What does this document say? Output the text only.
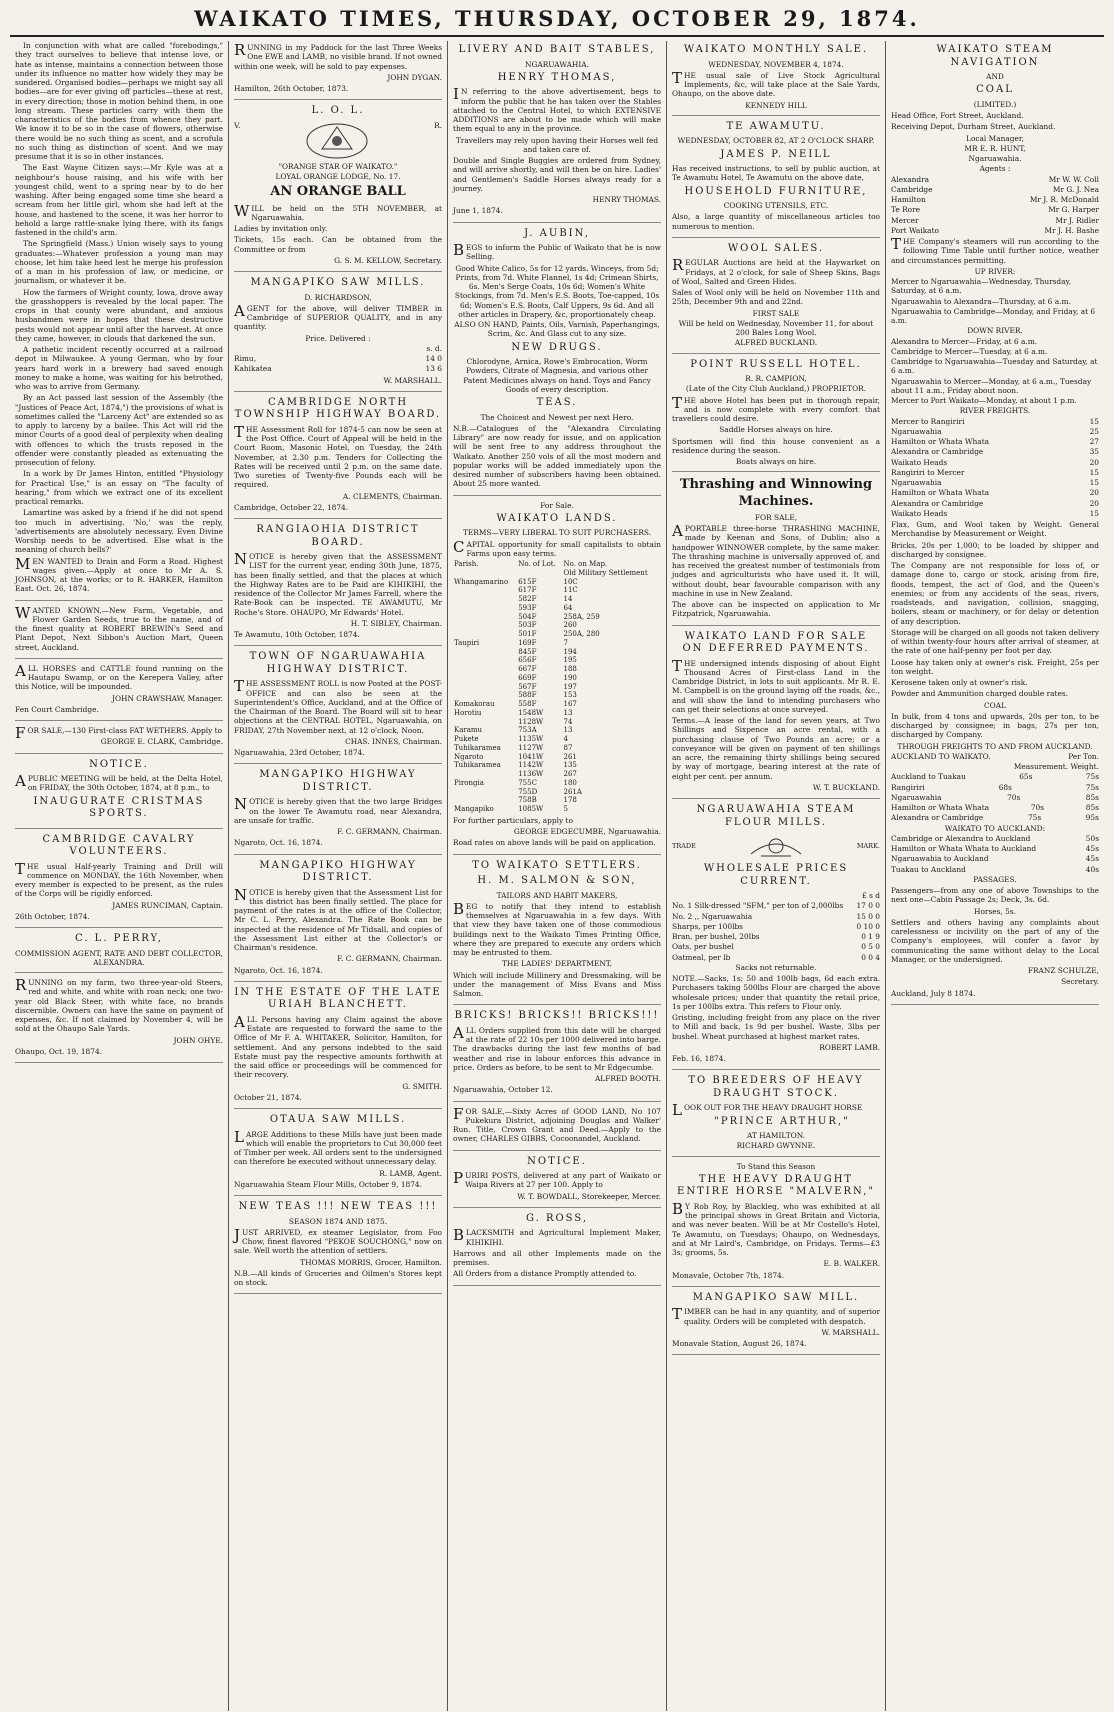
WAIKATO TIMES, THURSDAY, OCTOBER 29, 1874.

In conjunction with what are called "forebodings," they tract ourselves to believe that intense love, or hate as intense, maintains a connection between those under its influence no matter how widely they may be sundered. Organised bodies—perhaps we might say all bodies—are for ever giving off particles—these at rest, in every direction; those in motion behind them, in one long stream. These particles carry with them the characteristics of the bodies from whence they part. We know it to be so in the case of flowers, otherwise there would be no such thing as scent, and a scrofula no such thing as distinction of scent. And we may presume that it is so in other instances.

The East Wayne Citizen says:—Mr Kyle was at a neighbour's house raising, and his wife with her youngest child, went to a spring near by to do her washing. After being engaged some time she heard a scream from her little girl, whom she had left at the house, and hastened to the scene, it was her horror to behold a large rattle-snake lying there, with its fangs fastened in the child's arm.

The Springfield (Mass.) Union wisely says to young graduates:—Whatever profession a young man may choose, let him take heed lest he merge his profession of a man in his profession of law, or medicine, or journalism, or whatever it be.

How the farmers of Wright county, Iowa, drove away the grasshoppers is revealed by the local paper. The crops in that county were abundant, and anxious husbandmen were in hopes that these destructive pests would not appear until after the harvest. At once they came, however, in clouds that darkened the sun.

A pathetic incident recently occurred at a railroad depot in Milwaukee. A young German, who by four years hard work in a brewery had saved enough money to make a home, was waiting for his betrothed, who was to arrive from Germany.

By an Act passed last session of the Assembly (the "Justices of Peace Act, 1874,") the provisions of what is sometimes called the "Larceny Act" are extended so as to apply to larceny by a bailee. This Act will rid the minor Courts of a good deal of perplexity when dealing with offences to which the trusts reposed in the offender were constantly pleaded as extenuating the prosecution of felony.

In a work by Dr James Hinton, entitled "Physiology for Practical Use," is an essay on "The faculty of hearing," from which we extract one of its excellent practical remarks.

Lamartine was asked by a friend if he did not spend too much in advertising. 'No,' was the reply, 'advertisements are absolutely necessary. Even Divine Worship needs to be advertised. Else what is the meaning of church bells?'

MEN WANTED to Drain and Form a Road. Highest wages given.—Apply at once to Mr A. S. JOHNSON, at the works; or to R. HARKER, Hamilton East. Oct. 26, 1874.

WANTED KNOWN,—New Farm, Vegetable, and Flower Garden Seeds, true to the name, and of the finest quality at ROBERT BREWIN's Seed and Plant Depot, Next Sibbon's Auction Mart, Queen street, Auckland.

ALL HORSES and CATTLE found running on the Hautapu Swamp, or on the Kerepera Valley, after this Notice, will be impounded.

JOHN CRAWSHAW, Manager.

Fen Court Cambridge.

FOR SALE,—130 First-class FAT WETHERS. Apply to

GEORGE E. CLARK, Cambridge.

NOTICE.

APUBLIC MEETING will be held, at the Delta Hotel, on FRIDAY, the 30th October, 1874, at 8 p.m., to

INAUGURATE CRISTMAS SPORTS.
CAMBRIDGE CAVALRY VOLUNTEERS.

THE usual Half-yearly Training and Drill will commence on MONDAY, the 16th November, when every member is expected to be present, as the rules of the Corps will be rigidly enforced.

JAMES RUNCIMAN, Captain.

26th October, 1874.

C. L. PERRY,

COMMISSION AGENT, RATE AND DEBT COLLECTOR, ALEXANDRA.

RUNNING on my farm, two three-year-old Steers, red and white, and white with roan neck; one two-year old Black Steer, with white face, no brands discernible. Owners can have the same on payment of expenses, &c. If not claimed by November 4, will be sold at the Ohaupo Sale Yards.

JOHN OHYE.

Ohaupo, Oct. 19, 1874.

RUNNING in my Paddock for the last Three Weeks One EWE and LAMB, no visible brand. If not owned within one week, will be sold to pay expenses.

JOHN DYGAN.

Hamilton, 26th October, 1873.

L. O. L.
V.	R.

"ORANGE STAR OF WAIKATO."

LOYAL ORANGE LODGE, No. 17.

AN ORANGE BALL

WILL be held on the 5TH NOVEMBER, at Ngaruawahia.

Ladies by invitation only.

Tickets, 15s each. Can be obtained from the Committee or from

G. S. M. KELLOW, Secretary.

MANGAPIKO SAW MILLS.

D. RICHARDSON,

AGENT for the above, will deliver TIMBER in Cambridge of SUPERIOR QUALITY, and in any quantity.

Price. Delivered :

s. d.
Rimu,	14 0
Kahikatea	13 6

W. MARSHALL.

CAMBRIDGE NORTH TOWNSHIP HIGHWAY BOARD.

THE Assessment Roll for 1874-5 can now be seen at the Post Office. Court of Appeal will be held in the Court Room, Masonic Hotel, on Tuesday, the 24th November, at 2.30 p.m. Tenders for Collecting the Rates will be received until 2 p.m. on the same date. Two sureties of Twenty-five Pounds each will be required.

A. CLEMENTS, Chairman.

Cambridge, October 22, 1874.

RANGIAOHIA DISTRICT BOARD.

NOTICE is hereby given that the ASSESSMENT LIST for the current year, ending 30th June, 1875, has been finally settled, and that the places at which the Highway Rates are to be Paid are KIHIKIHI, the residence of the Collector Mr James Farrell, where the Rate-Book can be inspected. TE AWAMUTU, Mr Roche's Store. OHAUPO, Mr Edwards' Hotel.

H. T. SIBLEY, Chairman.

Te Awamutu, 10th October, 1874.

TOWN OF NGARUAWAHIA HIGHWAY DISTRICT.

THE ASSESSMENT ROLL is now Posted at the POST-OFFICE and can also be seen at the Superintendent's Office, Auckland, and at the Office of the Chairman of the Board. The Board will sit to hear objections at the CENTRAL HOTEL, Ngaruawahia, on FRIDAY, 27th November next, at 12 o'clock, Noon.

CHAS. INNES, Chairman.

Ngaruawahia, 23rd October, 1874.

MANGAPIKO HIGHWAY DISTRICT.

NOTICE is hereby given that the two large Bridges on the lower Te Awamutu road, near Alexandra, are unsafe for traffic.

F. C. GERMANN, Chairman.

Ngaroto, Oct. 16, 1874.

MANGAPIKO HIGHWAY DISTRICT.

NOTICE is hereby given that the Assessment List for this district has been finally settled. The place for payment of the rates is at the office of the Collector, Mr C. L. Perry, Alexandra. The Rate Book can be inspected at the residence of Mr Tidsall, and copies of the Assessment List either at the Collector's or Chairman's residence.

F. C. GERMANN, Chairman.

Ngaroto, Oct. 16, 1874.

IN THE ESTATE OF THE LATE URIAH BLANCHETT.

ALL Persons having any Claim against the above Estate are requested to forward the same to the Office of Mr F. A. WHITAKER, Solicitor, Hamilton, for settlement. And any persons indebted to the said Estate must pay the respective amounts forthwith at the said office or proceedings will be commenced for their recovery.

G. SMITH.

October 21, 1874.

OTAUA SAW MILLS.

LARGE Additions to these Mills have just been made which will enable the proprietors to Cut 30,000 feet of Timber per week. All orders sent to the undersigned can therefore be executed without unnecessary delay.

R. LAMB, Agent.

Ngaruawahia Steam Flour Mills, October 9, 1874.

NEW TEAS !!! NEW TEAS !!!

SEASON 1874 AND 1875.

JUST ARRIVED, ex steamer Legislator, from Foo Chow, finest flavored "PEKOE SOUCHONG," now on sale. Well worth the attention of settlers.

THOMAS MORRIS, Grocer, Hamilton.

N.B.—All kinds of Groceries and Oilmen's Stores kept on stock.

LIVERY AND BAIT STABLES,

NGARUAWAHIA.

HENRY THOMAS,

IN referring to the above advertisement, begs to inform the public that he has taken over the Stables attached to the Central Hotel, to which EXTENSIVE ADDITIONS are about to be made which will make them equal to any in the province.

Travellers may rely upon having their Horses well fed and taken care of.

Double and Single Buggies are ordered from Sydney, and will arrive shortly, and will then be on hire. Ladies' and Gentlemen's Saddle Horses always ready for a journey.

HENRY THOMAS.

June 1, 1874.

J. AUBIN,

BEGS to inform the Public of Waikato that he is now Selling.

Good White Calico, 5s for 12 yards. Winceys, from 5d; Prints, from 7d. White Flannel, 1s 4d; Crimean Shirts, 6s. Men's Serge Coats, 10s 6d; Women's White Stockings, from 7d. Men's E.S. Boots, Toe-capped, 10s 6d; Women's E.S. Boots, Calf Uppers, 9s 6d. And all other articles in Drapery, &c, proportionately cheap.

ALSO ON HAND, Paints, Oils, Varnish, Paperhangings, Scrim, &c. And Glass cut to any size.

NEW DRUGS.

Chlorodyne, Arnica, Rowe's Embrocation, Worm Powders, Citrate of Magnesia, and various other Patent Medicines always on hand. Toys and Fancy Goods of every description.

TEAS.

The Choicest and Newest per next Hero.

N.B.—Catalogues of the "Alexandra Circulating Library" are now ready for issue, and on application will be sent free to any address throughout the Waikato. Another 250 vols of all the most modern and popular works will be added immediately upon the desired number of subscribers having been obtained. About 25 more wanted.

For Sale.

WAIKATO LANDS.

TERMS—VERY LIBERAL TO SUIT PURCHASERS.

CAPITAL opportunity for small capitalists to obtain Farms upon easy terms.

Parish.	No. of Lot.	No. on Map.
		Old Military Settlement
Whangamarino	615F	10C
	617F	11C
	582F	14
	593F	64
	504F	258A, 259
	503F	260
	501F	250A, 280
Taupiri	169F	7
	845F	194
	656F	195
	667F	188
	669F	190
	567F	197
	588F	153
Komakorau	558F	167
Horotiu	1548W	13
	1128W	74
Karamu	753A	13
Pukete	1135W	4
Tuhikaramea	1127W	87
Ngaroto	1041W	261
Tuhikaramea	1142W	135
	1136W	267
Pirongia	755C	180
	755D	261A
	758B	178
Mangapiko	1085W	5

For further particulars, apply to

GEORGE EDGECUMBE, Ngaruawahia.

Road rates on above lands will be paid on application.

TO WAIKATO SETTLERS.
H. M. SALMON & SON,

TAILORS AND HABIT MAKERS,

BEG to notify that they intend to establish themselves at Ngaruawahia in a few days. With that view they have taken one of those commodious buildings next to the Waikato Times Printing Office, where they are prepared to execute any orders which may be entrusted to them.

THE LADIES' DEPARTMENT,

Which will include Millinery and Dressmaking, will be under the management of Miss Evans and Miss Salmon.

BRICKS! BRICKS!! BRICKS!!!

ALL Orders supplied from this date will be charged at the rate of 22 10s per 1000 delivered into barge. The drawbacks during the last few months of bad weather and rise in labour enforces this advance in price. Orders as before, to be sent to Mr Edgecumbe.

ALFRED BOOTH.

Ngaruawahia, October 12.

FOR SALE,—Sixty Acres of GOOD LAND, No 107 Pukekura District, adjoining Douglas and Walker' Run. Title, Crown Grant and Deed.—Apply to the owner, CHARLES GIBBS, Cocoonandel, Auckland.

NOTICE.

PURIRI POSTS, delivered at any part of Waikato or Waipa Rivers at 27 per 100. Apply to

W. T. BOWDALL, Storekeeper, Mercer.

G. ROSS,

BLACKSMITH and Agricultural Implement Maker, KIHIKIHI.

Harrows and all other Implements made on the premises.

All Orders from a distance Promptly attended to.

WAIKATO MONTHLY SALE.

WEDNESDAY, NOVEMBER 4, 1874.

THE usual sale of Live Stock Agricultural Implements, &c, will take place at the Sale Yards, Ohaupo, on the above date.

KENNEDY HILL

TE AWAMUTU.

WEDNESDAY, OCTOBER 82, AT 2 O'CLOCK SHARP.

JAMES P. NEILL

Has received instructions, to sell by public auction, at Te Awamutu Hotel, Te Awamutu on the above date,

HOUSEHOLD FURNITURE,

COOKING UTENSILS, ETC.

Also, a large quantity of miscellaneous articles too numerous to mention.

WOOL SALES.

REGULAR Auctions are held at the Haywarket on Fridays, at 2 o'clock, for sale of Sheep Skins, Bags of Wool, Salted and Green Hides.

Sales of Wool only will be held on November 11th and 25th, December 9th and and 22nd.

FIRST SALE

Will be held on Wednesday, November 11, for about 200 Bales Long Wool.

ALFRED BUCKLAND.

POINT RUSSELL HOTEL.

R. R. CAMPION,

(Late of the City Club Auckland,) PROPRIETOR.

THE above Hotel has been put in thorough repair, and is now complete with every comfort that travellers could desire.

Saddle Horses always on hire.

Sportsmen will find this house convenient as a residence during the season.

Boats always on hire.

Thrashing and Winnowing Machines.

FOR SALE,

APORTABLE three-horse THRASHING MACHINE, made by Keenan and Sons, of Dublin; also a handpower WINNOWER complete, by the same maker. The thrashing machine is universally approved of, and has received the greatest number of testimonials from judges and agriculturists who have used it. It will, without doubt, bear favourable comparison with any machine in use in New Zealand.

The above can be inspected on application to Mr Fitzpatrick, Ngaruawahia.

WAIKATO LAND FOR SALE ON DEFERRED PAYMENTS.

THE undersigned intends disposing of about Eight Thousand Acres of First-class Land in the Cambridge District, in lots to suit applicants. Mr R. E. M. Campbell is on the ground laying off the roads, &c., and will show the land to intending purchasers who can get their selections at once surveyed.

Terms.—A lease of the land for seven years, at Two Shillings and Sixpence an acre rental, with a purchasing clause of Two Pounds an acre; or a conveyance will be given on payment of ten shillings an acre, the remaining thirty shillings being secured by way of mortgage, bearing interest at the rate of eight per cent. per annum.

W. T. BUCKLAND.

NGARUAWAHIA STEAM FLOUR MILLS.
TRADE	MARK.
WHOLESALE PRICES CURRENT.
£ s d
No. 1 Silk-dressed "SFM," per ton of 2,000lbs 17 0 0
No. 2 ,, Ngaruawahia	15 0 0
Sharps, per 100lbs	0 10 0
Bran, per bushel, 20lbs	0 1 9
Oats, per bushel	0 5 0
Oatmeal, per lb	0 0 4

Sacks not returnable.

NOTE.—Sacks, 1s; 50 and 100lb bags, 6d each extra. Purchasers taking 500lbs Flour are charged the above wholesale prices; under that quantity the retail price, 1s per 100lbs extra. This refers to Flour only.

Gristing, including freight from any place on the river to Mill and back, 1s 9d per bushel. Waste, 3lbs per bushel. Wheat purchased at highest market rates.

ROBERT LAMB.

Feb. 16, 1874.

TO BREEDERS OF HEAVY DRAUGHT STOCK.

LOOK OUT FOR THE HEAVY DRAUGHT HORSE

"PRINCE ARTHUR,"

AT HAMILTON.

RICHARD GWYNNE.

To Stand this Season

THE HEAVY DRAUGHT ENTIRE HORSE "MALVERN,"

BY Rob Roy, by Blackleg, who was exhibited at all the principal shows in Great Britain and Victoria, and was never beaten. Will be at Mr Costello's Hotel, Te Awamutu, on Tuesdays; Ohaupo, on Wednesdays, and at Mr Laird's, Cambridge, on Fridays. Terms—£3 3s; grooms, 5s.

E. B. WALKER.

Monavale, October 7th, 1874.

MANGAPIKO SAW MILL.

TIMBER can be had in any quantity, and of superior quality. Orders will be completed with despatch.

W. MARSHALL.

Monavale Station, August 26, 1874.

WAIKATO STEAM NAVIGATION

AND

COAL

(LIMITED.)

Head Office, Fort Street, Auckland.

Receiving Depot, Durham Street, Auckland.

Local Manager,

MR E. R. HUNT,

Ngaruawahia.

Agents :

Alexandra	Mr W. W. Coll
Cambridge	Mr G. J. Nea
Hamilton	Mr J. R. McDonald
Te Rore	Mr G. Harper
Mercer	Mr J. Ridler
Port Waikato	Mr J. H. Bashe

THE Company's steamers will run according to the following Time Table until further notice, weather and circumstances permitting.

UP RIVER:

Mercer to Ngaruawahia—Wednesday, Thursday, Saturday, at 6 a.m.
Ngaruawahia to Alexandra—Thursday, at 6 a.m.
Ngaruawahia to Cambridge—Monday, and Friday, at 6 a.m.

DOWN RIVER.

Alexandra to Mercer—Friday, at 6 a.m.
Cambridge to Mercer—Tuesday, at 6 a.m.
Cambridge to Ngaruawahia—Tuesday and Saturday, at 6 a.m.
Ngaruawahia to Mercer—Monday, at 6 a.m., Tuesday about 11 a.m., Friday about noon.
Mercer to Port Waikato—Monday, at about 1 p.m.

RIVER FREIGHTS.

Mercer to Rangiriri	15
Ngaruawahia	25
Hamilton or Whata Whata	27
Alexandra or Cambridge	35
Waikato Heads	20
Rangiriri to Mercer	15
Ngaruawahia	15
Hamilton or Whata Whata	20
Alexandra or Cambridge	20
Waikato Heads	15

Flax, Gum, and Wool taken by Weight. General Merchandise by Measurement or Weight.

Bricks, 20s per 1,000; to be loaded by shipper and discharged by consignee.

The Company are not responsible for loss of, or damage done to, cargo or stock, arising from fire, floods, tempest, the act of God, and the Queen's enemies; or from any accidents of the seas, rivers, roadsteads, and navigation, collision, snagging, boilers, steam or machinery, or for delay or detention of any description.

Storage will be charged on all goods not taken delivery of within twenty-four hours after arrival of steamer, at the rate of one half-penny per foot per day.

Loose hay taken only at owner's risk. Freight, 25s per ton weight.

Kerosene taken only at owner's risk.

Powder and Ammunition charged double rates.

COAL

In bulk, from 4 tons and upwards, 20s per ton, to be discharged by consignee; in bags, 27s per ton, discharged by Company.

THROUGH FREIGHTS TO AND FROM AUCKLAND.

AUCKLAND TO WAIKATO.	Per Ton.
Measurement. Weight.
Auckland to Tuakau	65s	75s
Rangiriri	68s	75s
Ngaruawahia	70s	85s
Hamilton or Whata Whata	70s	85s
Alexandra or Cambridge	75s	95s

WAIKATO TO AUCKLAND:

Cambridge or Alexandra to Auckland	50s
Hamilton or Whata Whata to Auckland	45s
Ngaruawahia to Auckland	45s
Tuakau to Auckland	40s

PASSAGES.

Passengers—from any one of above Townships to the next one—Cabin Passage 2s; Deck, 3s. 6d.

Horses, 5s.

Settlers and others having any complaints about carelessness or incivility on the part of any of the Company's employees, will confer a favor by communicating the same without delay to the Local Manager, or the undersigned.

FRANZ SCHULZE,

Secretary.

Auckland, July 8 1874.
